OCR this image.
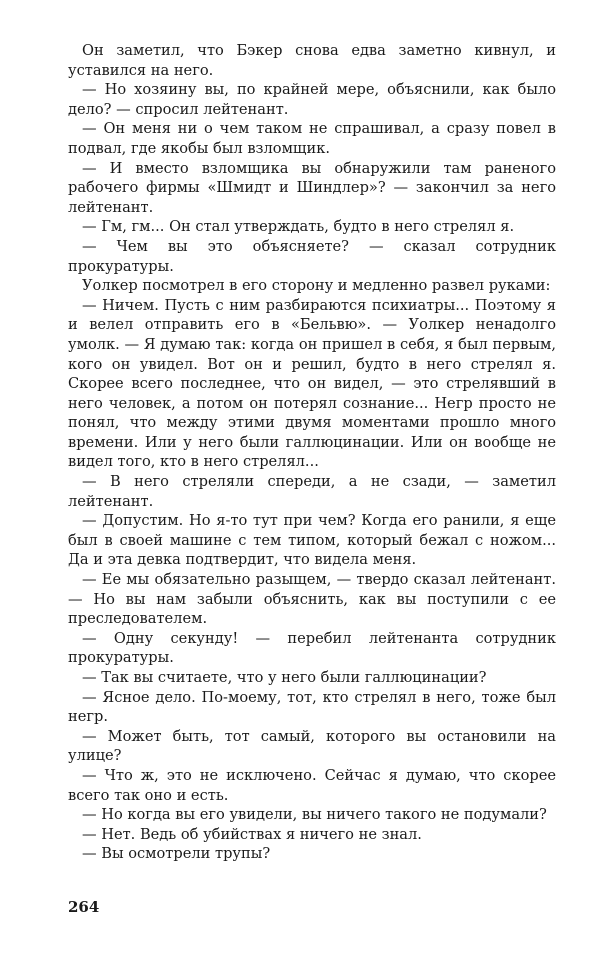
Он заметил, что Бэкер снова едва заметно кивнул, и уставился на него.

— Но хозяину вы, по крайней мере, объяснили, как было дело? — спросил лейтенант.

— Он меня ни о чем таком не спрашивал, а сразу повел в подвал, где якобы был взломщик.

— И вместо взломщика вы обнаружили там раненого рабочего фирмы «Шмидт и Шиндлер»? — закончил за него лейтенант.

— Гм, гм... Он стал утверждать, будто в него стрелял я.

— Чем вы это объясняете? — сказал сотрудник прокуратуры.

Уолкер посмотрел в его сторону и медленно развел руками:

— Ничем. Пусть с ним разбираются психиатры... Поэтому я и велел отправить его в «Бельвю». — Уолкер ненадолго умолк. — Я думаю так: когда он пришел в себя, я был первым, кого он увидел. Вот он и решил, будто в него стрелял я. Скорее всего последнее, что он видел, — это стрелявший в него человек, а потом он потерял сознание... Негр просто не понял, что между этими двумя моментами прошло много времени. Или у него были галлюцинации. Или он вообще не видел того, кто в него стрелял...

— В него стреляли спереди, а не сзади, — заметил лейтенант.

— Допустим. Но я-то тут при чем? Когда его ранили, я еще был в своей машине с тем типом, который бежал с ножом... Да и эта девка подтвердит, что видела меня.

— Ее мы обязательно разыщем, — твердо сказал лейтенант. — Но вы нам забыли объяснить, как вы поступили с ее преследователем.

— Одну секунду! — перебил лейтенанта сотрудник прокуратуры.

— Так вы считаете, что у него были галлюцинации?

— Ясное дело. По-моему, тот, кто стрелял в него, тоже был негр.

— Может быть, тот самый, которого вы остановили на улице?

— Что ж, это не исключено. Сейчас я думаю, что скорее всего так оно и есть.

— Но когда вы его увидели, вы ничего такого не подумали?

— Нет. Ведь об убийствах я ничего не знал.

— Вы осмотрели трупы?

264
